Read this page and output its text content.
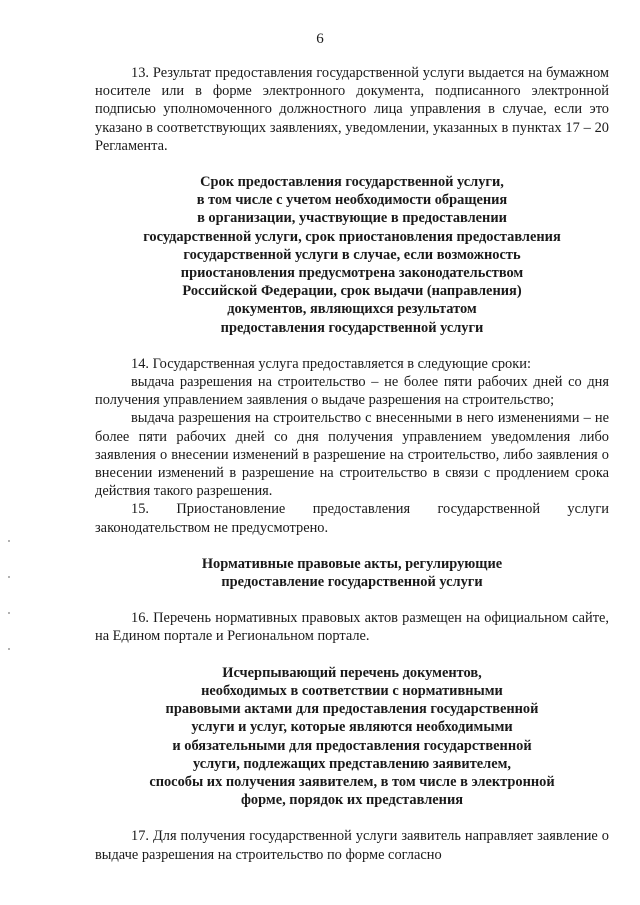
6

13. Результат предоставления государственной услуги выдается на бумажном носителе или в форме электронного документа, подписанного электронной подписью уполномоченного должностного лица управления в случае, если это указано в соответствующих заявлениях, уведомлении, указанных в пунктах 17 – 20 Регламента.

Срок предоставления государственной услуги,
в том числе с учетом необходимости обращения
в организации, участвующие в предоставлении
государственной услуги, срок приостановления предоставления
государственной услуги в случае, если возможность
приостановления предусмотрена законодательством
Российской Федерации, срок выдачи (направления)
документов, являющихся результатом
предоставления государственной услуги

14. Государственная услуга предоставляется в следующие сроки:

выдача разрешения на строительство – не более пяти рабочих дней со дня получения управлением заявления о выдаче разрешения на строительство;

выдача разрешения на строительство с внесенными в него изменениями – не более пяти рабочих дней со дня получения управлением уведомления либо заявления о внесении изменений в разрешение на строительство, либо заявления о внесении изменений в разрешение на строительство в связи с продлением срока действия такого разрешения.

15. Приостановление предоставления государственной услуги законодательством не предусмотрено.

Нормативные правовые акты, регулирующие
предоставление государственной услуги

16. Перечень нормативных правовых актов размещен на официальном сайте, на Едином портале и Региональном портале.

Исчерпывающий перечень документов,
необходимых в соответствии с нормативными
правовыми актами для предоставления государственной
услуги и услуг, которые являются необходимыми
и обязательными для предоставления государственной
услуги, подлежащих представлению заявителем,
способы их получения заявителем, в том числе в электронной
форме, порядок их представления

17. Для получения государственной услуги заявитель направляет заявление о выдаче разрешения на строительство по форме согласно
